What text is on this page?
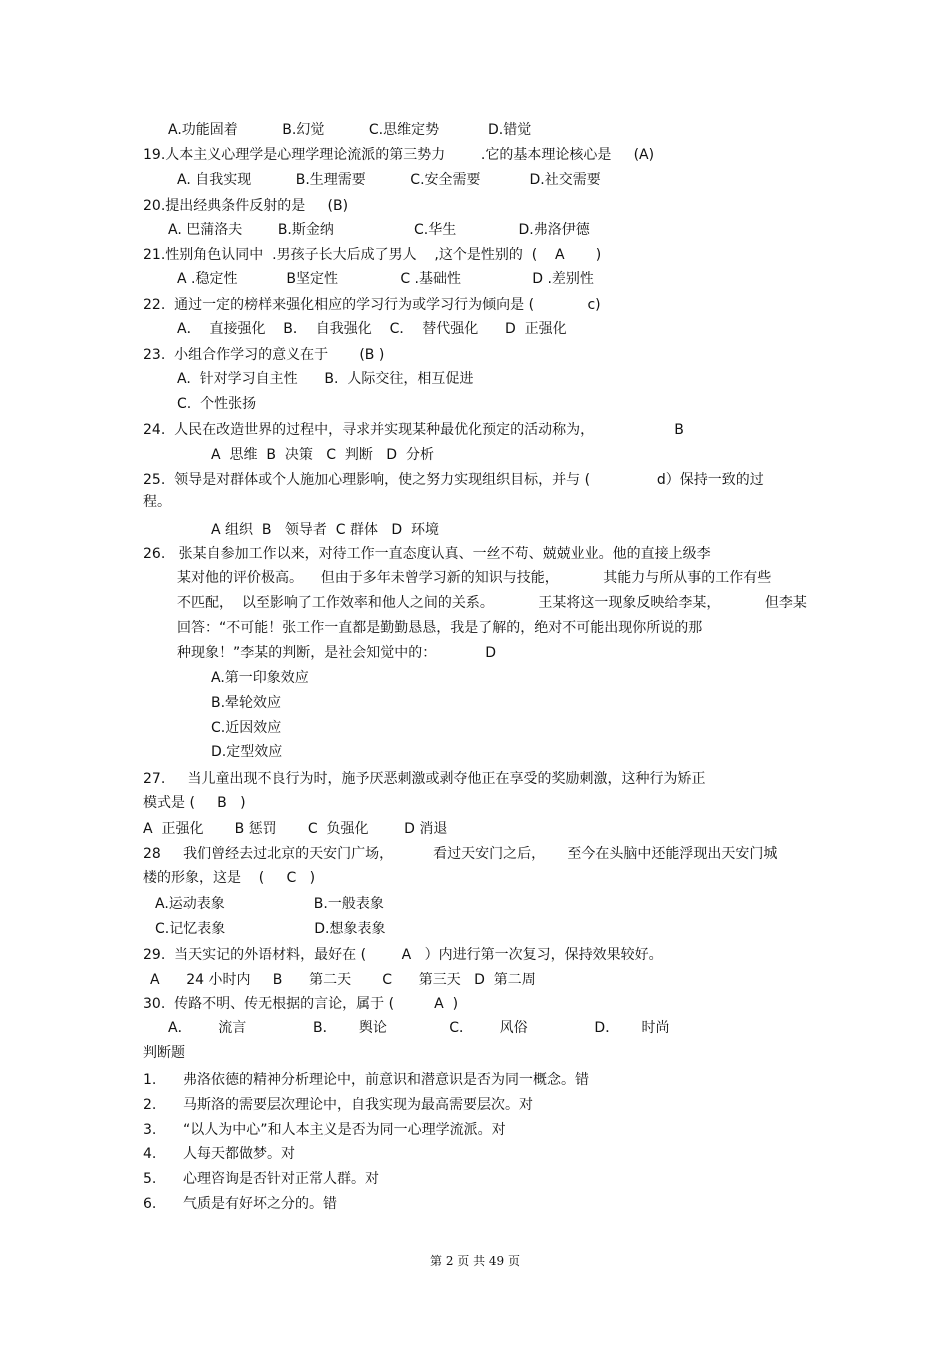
A.功能固着          B.幻觉          C.思维定势           D.错觉
19.人本主义心理学是心理学理论流派的第三势力        .它的基本理论核心是     (A)
A. 自我实现          B.生理需要          C.安全需要           D.社交需要
20.提出经典条件反射的是     (B)
A. 巴蒲洛夫        B.斯金纳                  C.华生              D.弗洛伊德
21.性别角色认同中  .男孩子长大后成了男人    ,这个是性别的  (    A       )
A .稳定性           B坚定性              C .基础性                D .差别性
22.  通过一定的榜样来强化相应的学习行为或学习行为倾向是 (            c)
A．  直接强化    B．  自我强化    C．  替代强化      D  正强化
23.  小组合作学习的意义在于       (B )
A.  针对学习自主性      B.  人际交往，相互促进
C.  个性张扬
24.  人民在改造世界的过程中，寻求并实现某种最优化预定的活动称为，                  B
A  思维  B  决策   C  判断   D  分析
25.  领导是对群体或个人施加心理影响，使之努力实现组织目标，并与 (               d）保持一致的过
程。
A 组织  B   领导者  C 群体   D  环境
26.   张某自参加工作以来，对待工作一直态度认真、一丝不苟、兢兢业业。他的直接上级李
某对他的评价极高。    但由于多年未曾学习新的知识与技能，          其能力与所从事的工作有些
不匹配，  以至影响了工作效率和他人之间的关系。          王某将这一现象反映给李某，          但李某
回答：“不可能！张工作一直都是勤勤恳恳，我是了解的，绝对不可能出现你所说的那
种现象！”李某的判断，是社会知觉中的：           D
A.第一印象效应
B.晕轮效应
C.近因效应
D.定型效应
27.     当儿童出现不良行为时，施予厌恶刺激或剥夺他正在享受的奖励刺激，这种行为矫正
模式是 (     B   )
A  正强化       B 惩罚       C  负强化        D 消退
28     我们曾经去过北京的天安门广场，         看过天安门之后，     至今在头脑中还能浮现出天安门城
楼的形象，这是    (     C   )
A.运动表象                    B.一般表象
C.记忆表象                    D.想象表象
29.  当天实记的外语材料，最好在 (        A   ）内进行第一次复习，保持效果较好。
A      24 小时内     B      第二天       C      第三天   D  第二周
30.  传路不明、传无根据的言论，属于 (         A  )
A．      流言               B．     舆论              C．      风俗               D．     时尚
判断题
1.      弗洛依德的精神分析理论中，前意识和潜意识是否为同一概念。错
2.      马斯洛的需要层次理论中，自我实现为最高需要层次。对
3.      “以人为中心”和人本主义是否为同一心理学流派。对
4.      人每天都做梦。对
5.      心理咨询是否针对正常人群。对
6.      气质是有好坏之分的。错
第 2 页 共 49 页
